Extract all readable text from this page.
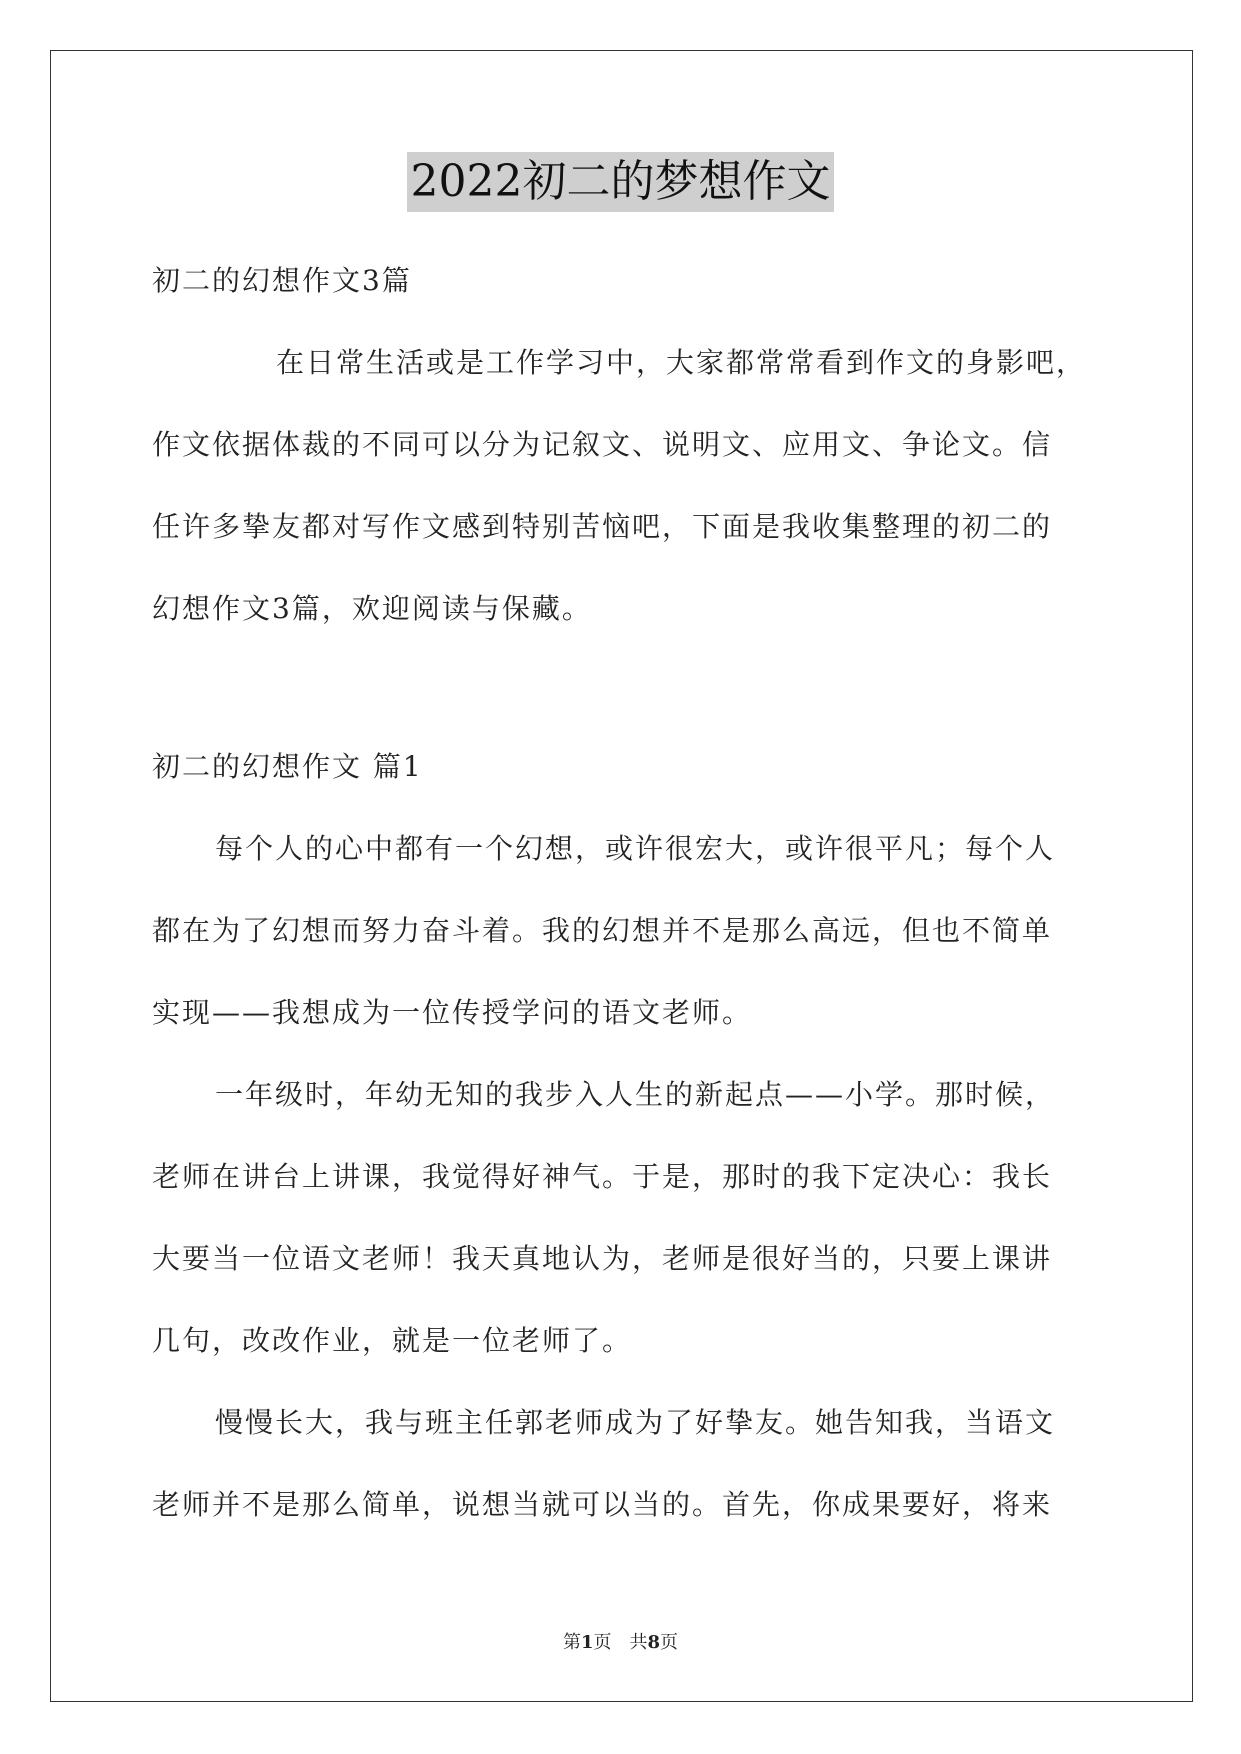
2022初二的梦想作文
初二的幻想作文3篇
在日常生活或是工作学习中，大家都常常看到作文的身影吧，
作文依据体裁的不同可以分为记叙文、说明文、应用文、争论文。信
任许多挚友都对写作文感到特别苦恼吧，下面是我收集整理的初二的
幻想作文3篇，欢迎阅读与保藏。
初二的幻想作文 篇1
每个人的心中都有一个幻想，或许很宏大，或许很平凡；每个人
都在为了幻想而努力奋斗着。我的幻想并不是那么高远，但也不简单
实现——我想成为一位传授学问的语文老师。
一年级时，年幼无知的我步入人生的新起点——小学。那时候，
老师在讲台上讲课，我觉得好神气。于是，那时的我下定决心：我长
大要当一位语文老师！我天真地认为，老师是很好当的，只要上课讲
几句，改改作业，就是一位老师了。
慢慢长大，我与班主任郭老师成为了好挚友。她告知我，当语文
老师并不是那么简单，说想当就可以当的。首先，你成果要好，将来
第1页　共8页
